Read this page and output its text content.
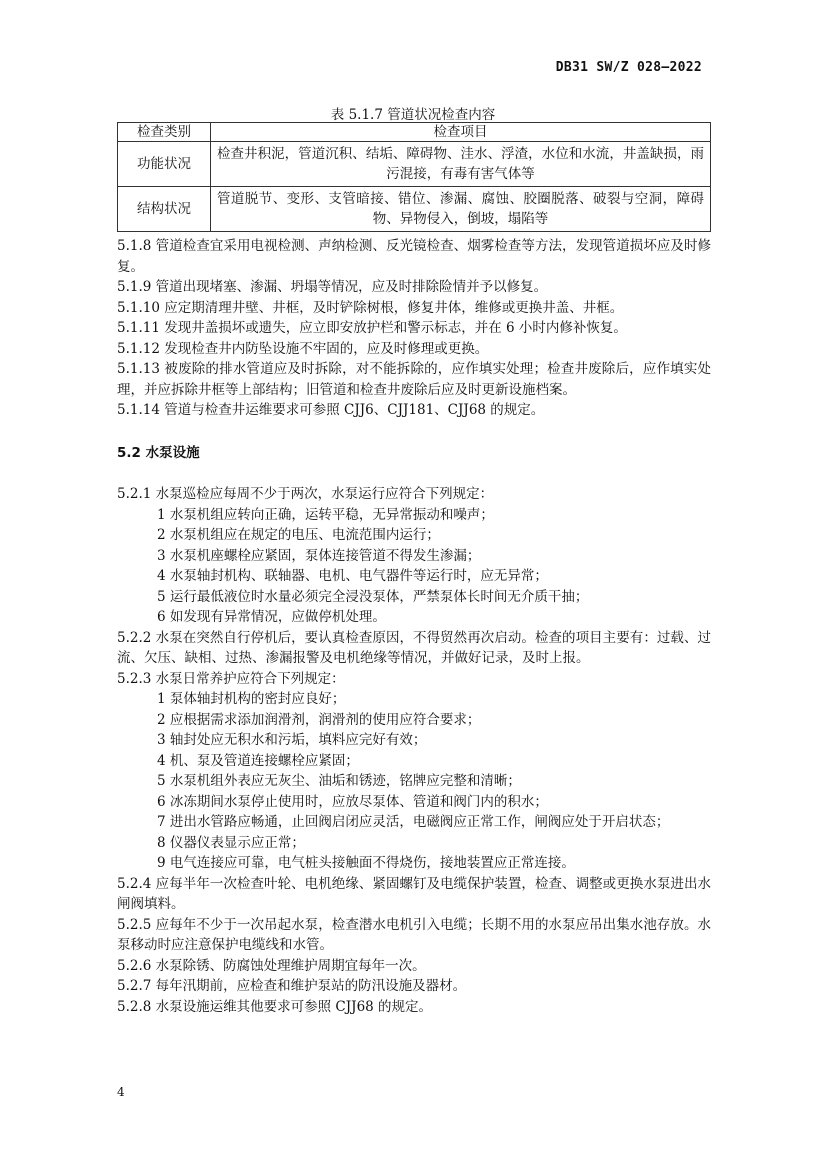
DB31 SW/Z 028—2022
表 5.1.7 管道状况检查内容
检查类别	检查项目
功能状况	检查井积泥，管道沉积、结垢、障碍物、洼水、浮渣，水位和水流，井盖缺损，雨污混接，有毒有害气体等
结构状况	管道脱节、变形、支管暗接、错位、渗漏、腐蚀、胶圈脱落、破裂与空洞，障碍物、异物侵入，倒坡，塌陷等

5.1.8 管道检查宜采用电视检测、声纳检测、反光镜检查、烟雾检查等方法，发现管道损坏应及时修复。

5.1.9 管道出现堵塞、渗漏、坍塌等情况，应及时排除险情并予以修复。

5.1.10 应定期清理井壁、井框，及时铲除树根，修复井体，维修或更换井盖、井框。

5.1.11 发现井盖损坏或遗失，应立即安放护栏和警示标志，并在 6 小时内修补恢复。

5.1.12 发现检查井内防坠设施不牢固的，应及时修理或更换。

5.1.13 被废除的排水管道应及时拆除，对不能拆除的，应作填实处理；检查井废除后，应作填实处理，并应拆除井框等上部结构；旧管道和检查井废除后应及时更新设施档案。

5.1.14 管道与检查井运维要求可参照 CJJ6、CJJ181、CJJ68 的规定。

5.2 水泵设施

5.2.1 水泵巡检应每周不少于两次，水泵运行应符合下列规定：

1 水泵机组应转向正确，运转平稳，无异常振动和噪声；

2 水泵机组应在规定的电压、电流范围内运行；

3 水泵机座螺栓应紧固，泵体连接管道不得发生渗漏；

4 水泵轴封机构、联轴器、电机、电气器件等运行时，应无异常；

5 运行最低液位时水量必须完全浸没泵体，严禁泵体长时间无介质干抽；

6 如发现有异常情况，应做停机处理。

5.2.2 水泵在突然自行停机后，要认真检查原因，不得贸然再次启动。检查的项目主要有：过载、过流、欠压、缺相、过热、渗漏报警及电机绝缘等情况，并做好记录，及时上报。

5.2.3 水泵日常养护应符合下列规定：

1 泵体轴封机构的密封应良好；

2 应根据需求添加润滑剂，润滑剂的使用应符合要求；

3 轴封处应无积水和污垢，填料应完好有效；

4 机、泵及管道连接螺栓应紧固；

5 水泵机组外表应无灰尘、油垢和锈迹，铭牌应完整和清晰；

6 冰冻期间水泵停止使用时，应放尽泵体、管道和阀门内的积水；

7 进出水管路应畅通，止回阀启闭应灵活，电磁阀应正常工作，闸阀应处于开启状态；

8 仪器仪表显示应正常；

9 电气连接应可靠，电气桩头接触面不得烧伤，接地装置应正常连接。

5.2.4 应每半年一次检查叶轮、电机绝缘、紧固螺钉及电缆保护装置，检查、调整或更换水泵进出水闸阀填料。

5.2.5 应每年不少于一次吊起水泵，检查潜水电机引入电缆；长期不用的水泵应吊出集水池存放。水泵移动时应注意保护电缆线和水管。

5.2.6 水泵除锈、防腐蚀处理维护周期宜每年一次。

5.2.7 每年汛期前，应检查和维护泵站的防汛设施及器材。

5.2.8 水泵设施运维其他要求可参照 CJJ68 的规定。

4
